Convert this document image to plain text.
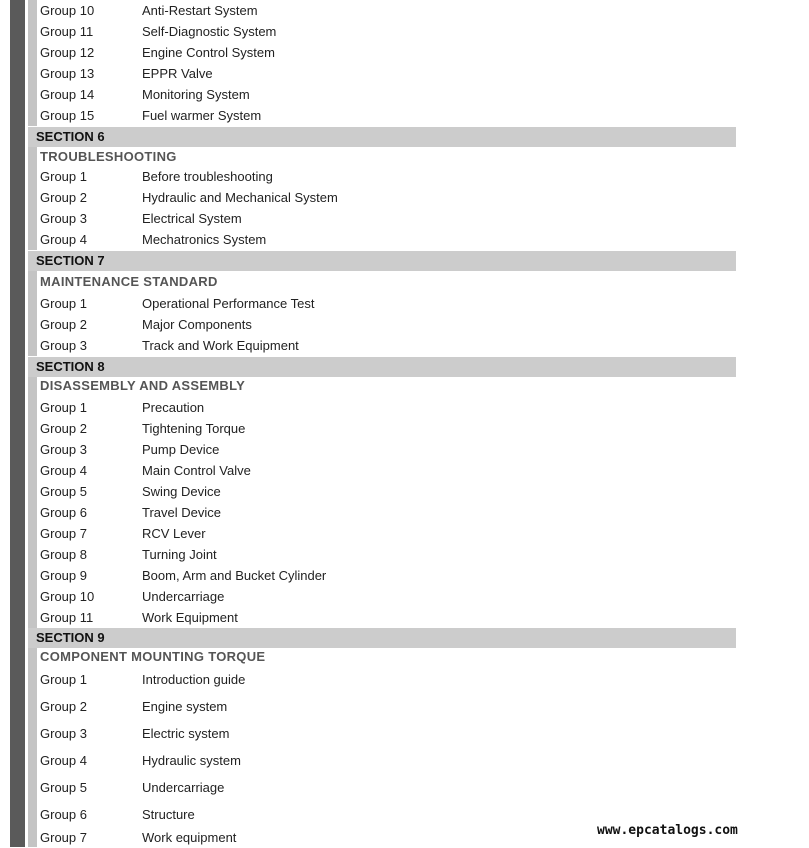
Group 10	Anti-Restart System
Group 11	Self-Diagnostic System
Group 12	Engine Control System
Group 13	EPPR Valve
Group 14	Monitoring System
Group 15	Fuel warmer System
SECTION 6
TROUBLESHOOTING
Group 1	Before troubleshooting
Group 2	Hydraulic and Mechanical System
Group 3	Electrical System
Group 4	Mechatronics System
SECTION 7
MAINTENANCE STANDARD
Group 1	Operational Performance Test
Group 2	Major Components
Group 3	Track and Work Equipment
SECTION 8
DISASSEMBLY AND ASSEMBLY
Group 1	Precaution
Group 2	Tightening Torque
Group 3	Pump Device
Group 4	Main Control Valve
Group 5	Swing Device
Group 6	Travel Device
Group 7	RCV Lever
Group 8	Turning Joint
Group 9	Boom, Arm and Bucket Cylinder
Group 10	Undercarriage
Group 11	Work Equipment
SECTION 9
COMPONENT MOUNTING TORQUE
Group 1	Introduction guide
Group 2	Engine system
Group 3	Electric system
Group 4	Hydraulic system
Group 5	Undercarriage
Group 6	Structure
Group 7	Work equipment	www.epcatalogs.com
